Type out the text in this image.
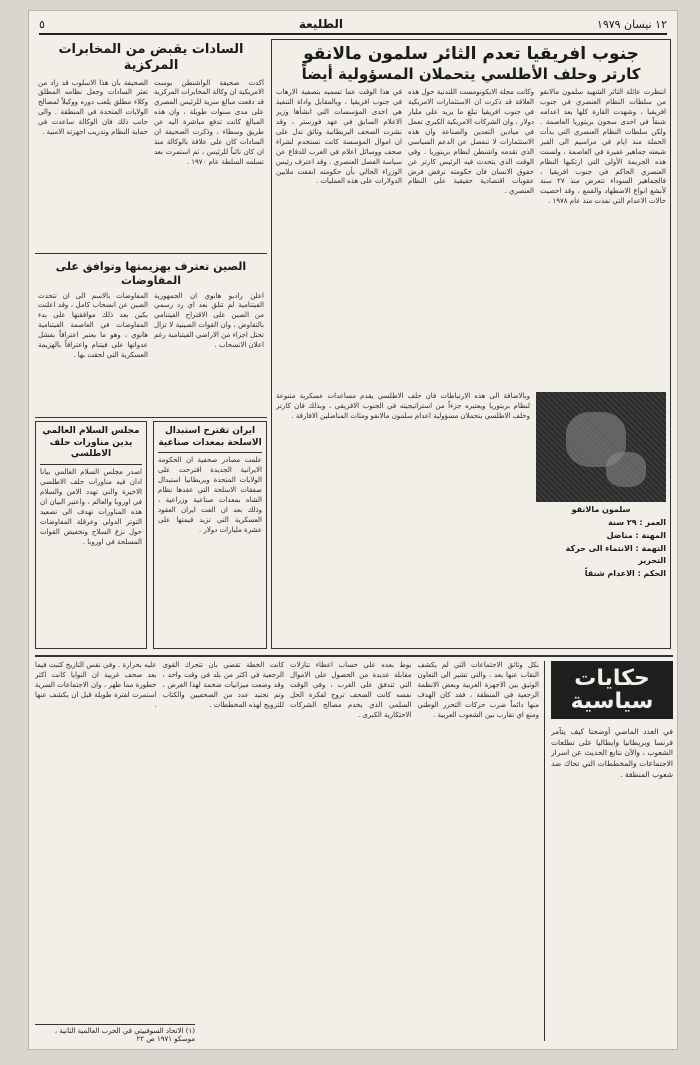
١٢ نيسان ١٩٧٩
الطليعة
٥
جنوب افريقيا تعدم الثائر سلمون مالانقو
كارتر وحلف الأطلسي يتحملان المسؤولية أيضاً
انتظرت عائلة الثائر الشهيد سلمون مالانقو من سلطات النظام العنصري في جنوب افريقيا ، وشهدت القارة كلها بعد اعدامه شنقاً في احدى سجون بريتوريا العاصمة . ولكن سلطات النظام العنصري التي بدأت الحملة منذ ايام في مراسيم الى القبر شيعته جماهير غفيرة في العاصمة ، ولسنت هذه الجريمة الأولى التي ارتكبها النظام العنصري الحاكم في جنوب افريقيا ، فالجماهير السوداء تتعرض منذ ٢٧ سنة لأبشع انواع الاضطهاد والقمع ، وقد احصيت حالات الاعدام التي نفذت منذ عام ١٩٧٨ .
وكانت مجلة الايكونومست اللندنية حول هذه العلاقة قد ذكرت ان الاستثمارات الامريكية في جنوب افريقيا تبلغ ما يزيد على مليار دولار ، وان الشركات الامريكية الكبرى تعمل في ميادين التعدين والصناعة وان هذه الاستثمارات لا تنفصل عن الدعم السياسي الذي تقدمه واشنطن لنظام بريتوريا . وفي الوقت الذي يتحدث فيه الرئيس كارتر عن حقوق الانسان فان حكومته ترفض فرض عقوبات اقتصادية حقيقية على النظام العنصري .
في هذا الوقت عما تسميه بتصفية الارهاب في جنوب افريقيا ، وبالمقابل واداة التنفيذ هي احدى المؤسسات التي انشأها وزير الاعلام السابق في عهد فورستر ، وقد نشرت الصحف البريطانية وثائق تدل على ان اموال المؤسسة كانت تستخدم لشراء صحف ووسائل اعلام في الغرب للدفاع عن سياسة الفصل العنصري . وقد اعترف رئيس الوزراء الحالي بأن حكومته انفقت ملايين الدولارات على هذه العمليات .
سلمون مالانقو
العمر : ٢٩ سنة
المهنة : مناضل
التهمة : الانتماء الى حركة التحرير
الحكم : الاعدام شنقاً
وبالاضافة الى هذه الارتباطات فان حلف الاطلسي يقدم مساعدات عسكرية متنوعة لنظام بريتوريا ويعتبره جزءاً من استراتيجيته في الجنوب الافريقي ، وبذلك فان كارتر وحلف الاطلسي يتحملان مسؤولية اعدام سلمون مالانقو ومئات المناضلين الافارقة .
السادات يقبض من المخابرات المركزية
أكدت صحيفة الواشنطن بوست الامريكية ان وكالة المخابرات المركزية قد دفعت مبالغ سرية للرئيس المصري على مدى سنوات طويلة ، وان هذه المبالغ كانت تدفع مباشرة اليه عن طريق وسطاء ، وذكرت الصحيفة ان السادات كان على علاقة بالوكالة منذ ان كان نائباً للرئيس ، ثم استمرت بعد تسلمه السلطة عام ١٩٧٠ .
الصحيفة بأن هذا الاسلوب قد زاد من تعثر السادات وجعل نظامه المطلق وكلاء مطلق يلعب دوره ووكيلاً لمصالح الولايات المتحدة في المنطقة . والى جانب ذلك فان الوكالة ساعدت في حماية النظام وتدريب اجهزته الامنية .
الصين تعترف بهزيمتها وتوافق على المفاوضات
اعلن راديو هانوي ان الجمهورية الفيتنامية لم تتلق بعد اي رد رسمي من الصين على الاقتراح الفيتنامي بالتفاوض ، وان القوات الصينية لا تزال تحتل اجزاء من الاراضي الفيتنامية رغم اعلان الانسحاب .
المفاوضات بالاسم الى ان تتحدث الصين عن انسحاب كامل ، وقد اعلنت بكين بعد ذلك موافقتها على بدء المفاوضات في العاصمة الفيتنامية هانوي ، وهو ما يعتبر اعترافاً بفشل عدوانها على فيتنام واعترافاً بالهزيمة العسكرية التي لحقت بها .
مجلس السلام العالمي يدين مناورات حلف الاطلسي
اصدر مجلس السلام العالمي بياناً ادان فيه مناورات حلف الاطلسي الاخيرة والتي تهدد الامن والسلام في اوروبا والعالم ، واعتبر البيان ان هذه المناورات تهدف الى تصعيد التوتر الدولي وعرقلة المفاوضات حول نزع السلاح وتخفيض القوات المسلحة في اوروبا .
ايران تقترح استبدال الاسلحة بمعدات صناعية
علمت مصادر صحفية ان الحكومة الايرانية الجديدة اقترحت على الولايات المتحدة وبريطانيا استبدال صفقات الاسلحة التي عقدها نظام الشاه بمعدات صناعية وزراعية ، وذلك بعد ان الغت ايران العقود العسكرية التي تزيد قيمتها على عشرة مليارات دولار .
حكايات
سياسية
في العدد الماضي أوضحنا كيف يتآمر فرنسا وبريطانيا وايطاليا على تطلعات الشعوب ، والآن نتابع الحديث عن اسرار الاجتماعات والمخططات التي تحاك ضد شعوب المنطقة .
بكل وثائق الاجتماعات التي لم يكشف النقاب عنها بعد ، والتي تشير الى التعاون الوثيق بين الاجهزة الغربية وبعض الانظمة الرجعية في المنطقة ، فقد كان الهدف منها دائماً ضرب حركات التحرر الوطني ومنع اي تقارب بين الشعوب العربية .
بوط بعده على حساب اعطاء تنازلات مقابلة عديدة من الحصول على الاموال التي تتدفق على الغرب ، وفي الوقت نفسه كانت الصحف تروج لفكرة الحل السلمي الذي يخدم مصالح الشركات الاحتكارية الكبرى .
كانت الخطة تقضي بأن تتحرك القوى الرجعية في اكثر من بلد في وقت واحد ، وقد وضعت ميزانيات ضخمة لهذا الغرض ، وتم تجنيد عدد من الصحفيين والكتاب للترويج لهذه المخططات .
عليه بحرارة . وفي نفس التاريخ كتبت فيما بعد صحف غربية ان النوايا كانت اكثر خطورة مما ظهر ، وان الاجتماعات السرية استمرت لفترة طويلة قبل ان يكشف عنها .
(١) الاتحاد السوفييتي في الحرب العالمية الثانية ، موسكو ١٩٧١ ص ٢٢
